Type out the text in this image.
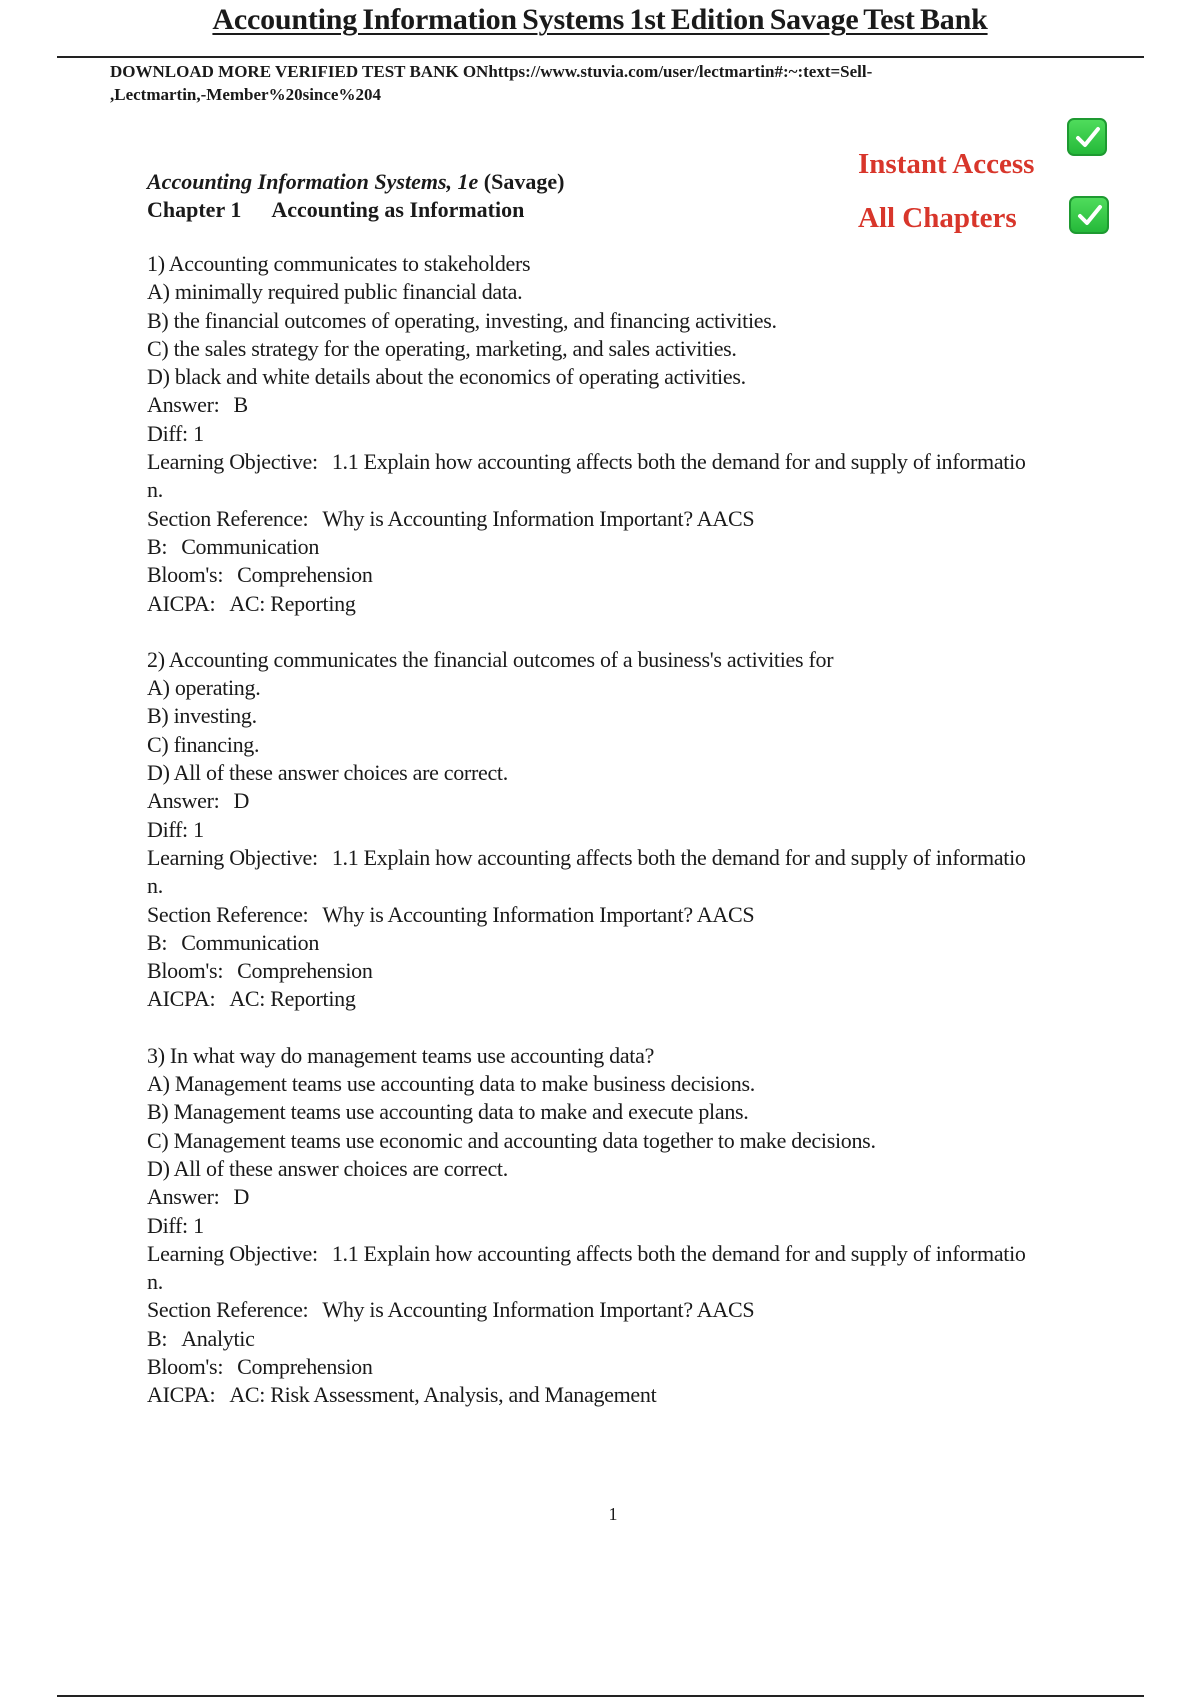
Accounting Information Systems 1st Edition Savage Test Bank
DOWNLOAD MORE VERIFIED TEST BANK ONhttps://www.stuvia.com/user/lectmartin#:~:text=Sell-
,Lectmartin,-Member%20since%204
Instant Access
All Chapters
Accounting Information Systems, 1e (Savage)
Chapter 1 Accounting as Information
1) Accounting communicates to stakeholders
A) minimally required public financial data.
B) the financial outcomes of operating, investing, and financing activities.
C) the sales strategy for the operating, marketing, and sales activities.
D) black and white details about the economics of operating activities.
Answer: B
Diff: 1
Learning Objective: 1.1 Explain how accounting affects both the demand for and supply of informatio
n.
Section Reference: Why is Accounting Information Important? AACS
B: Communication
Bloom's: Comprehension
AICPA: AC: Reporting
2) Accounting communicates the financial outcomes of a business's activities for
A) operating.
B) investing.
C) financing.
D) All of these answer choices are correct.
Answer: D
Diff: 1
Learning Objective: 1.1 Explain how accounting affects both the demand for and supply of informatio
n.
Section Reference: Why is Accounting Information Important? AACS
B: Communication
Bloom's: Comprehension
AICPA: AC: Reporting
3) In what way do management teams use accounting data?
A) Management teams use accounting data to make business decisions.
B) Management teams use accounting data to make and execute plans.
C) Management teams use economic and accounting data together to make decisions.
D) All of these answer choices are correct.
Answer: D
Diff: 1
Learning Objective: 1.1 Explain how accounting affects both the demand for and supply of informatio
n.
Section Reference: Why is Accounting Information Important? AACS
B: Analytic
Bloom's: Comprehension
AICPA: AC: Risk Assessment, Analysis, and Management
1
